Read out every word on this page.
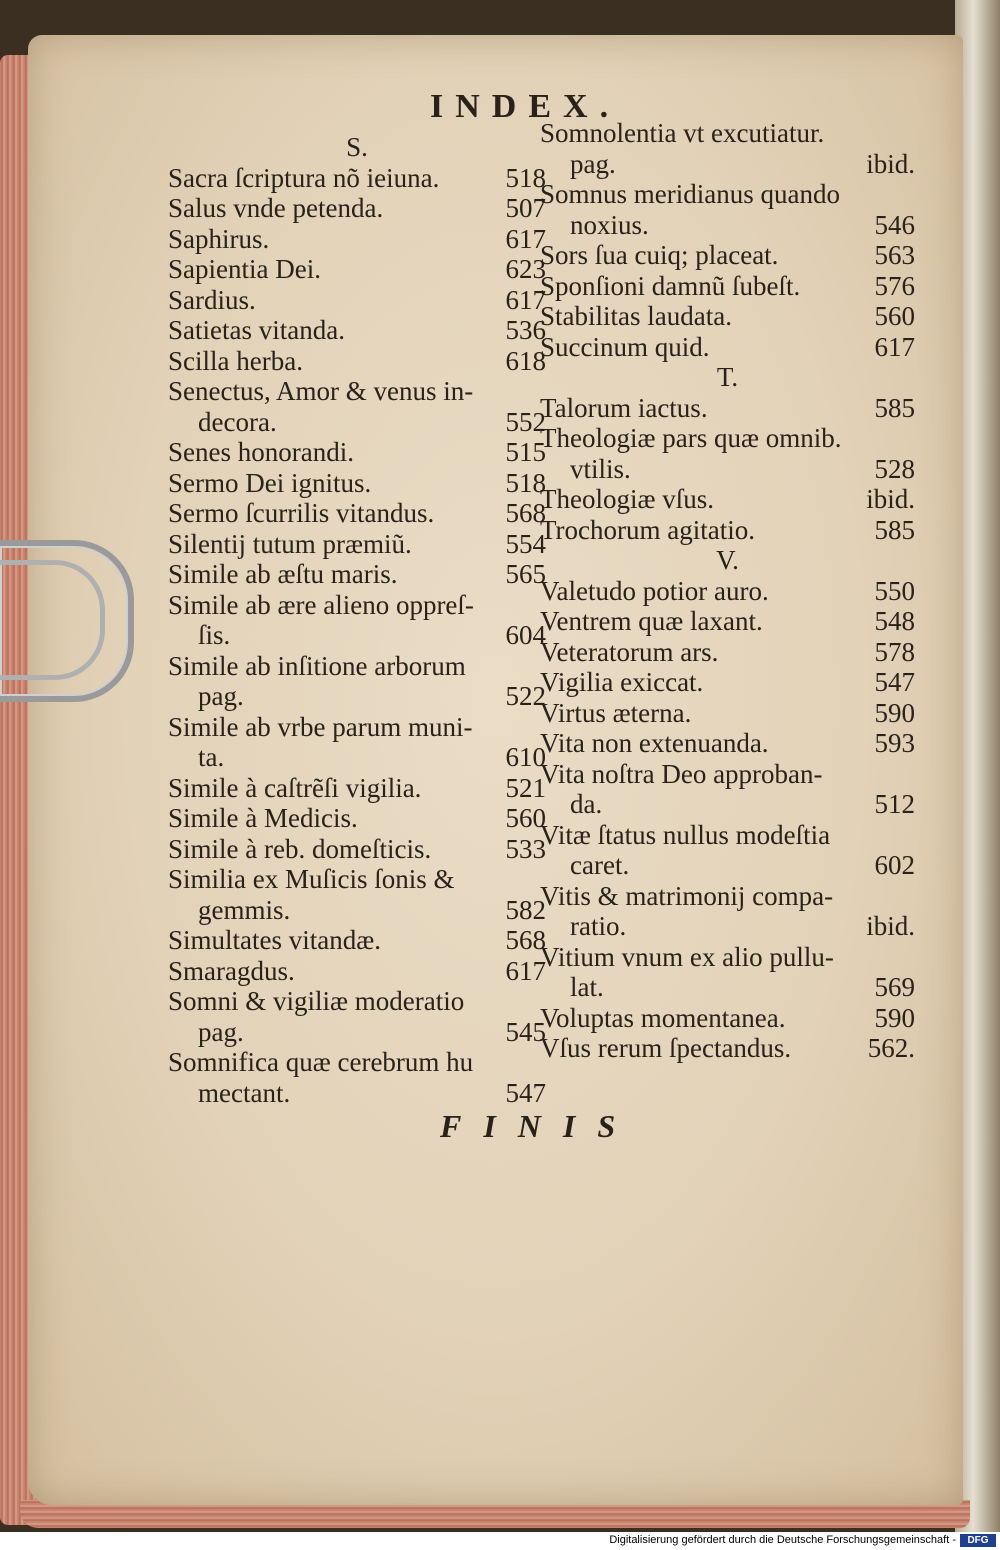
INDEX.
S.
Sacra ſcriptura nõ ieiuna. 518
Salus vnde petenda.	507
Saphirus.	617
Sapientia Dei.	623
Sardius.	617
Satietas vitanda.	536
Scilla herba.	618
Senectus, Amor & venus in-
decora.	552
Senes honorandi.	515
Sermo Dei ignitus.	518
Sermo ſcurrilis vitandus.	568
Silentij tutum præmiũ.	554
Simile ab æſtu maris.	565
Simile ab ære alieno oppreſ-
ſis.	604
Simile ab inſitione arborum
pag.	522
Simile ab vrbe parum muni-
ta.	610
Simile à caſtrẽſi vigilia.	521
Simile à Medicis.	560
Simile à reb. domeſticis.	533
Similia ex Muſicis ſonis &
gemmis.	582
Simultates vitandæ.	568
Smaragdus.	617
Somni & vigiliæ moderatio
pag.	545
Somnifica quæ cerebrum hu
mectant.	547
Somnolentia vt excutiatur.
pag.	ibid.
Somnus meridianus quando
noxius.	546
Sors ſua cuiq; placeat.	563
Sponſioni damnũ ſubeſt.	576
Stabilitas laudata.	560
Succinum quid.	617
T.
Talorum iactus.	585
Theologiæ pars quæ omnib.
vtilis.	528
Theologiæ vſus.	ibid.
Trochorum agitatio.	585
V.
Valetudo potior auro.	550
Ventrem quæ laxant.	548
Veteratorum ars.	578
Vigilia exiccat.	547
Virtus æterna.	590
Vita non extenuanda.	593
Vita noſtra Deo approban-
da.	512
Vitæ ſtatus nullus modeſtia
caret.	602
Vitis & matrimonij compa-
ratio.	ibid.
Vitium vnum ex alio pullu-
lat.	569
Voluptas momentanea.	590
Vſus rerum ſpectandus.	562.
FINIS
Digitalisierung gefördert durch die Deutsche Forschungsgemeinschaft -	DFG
